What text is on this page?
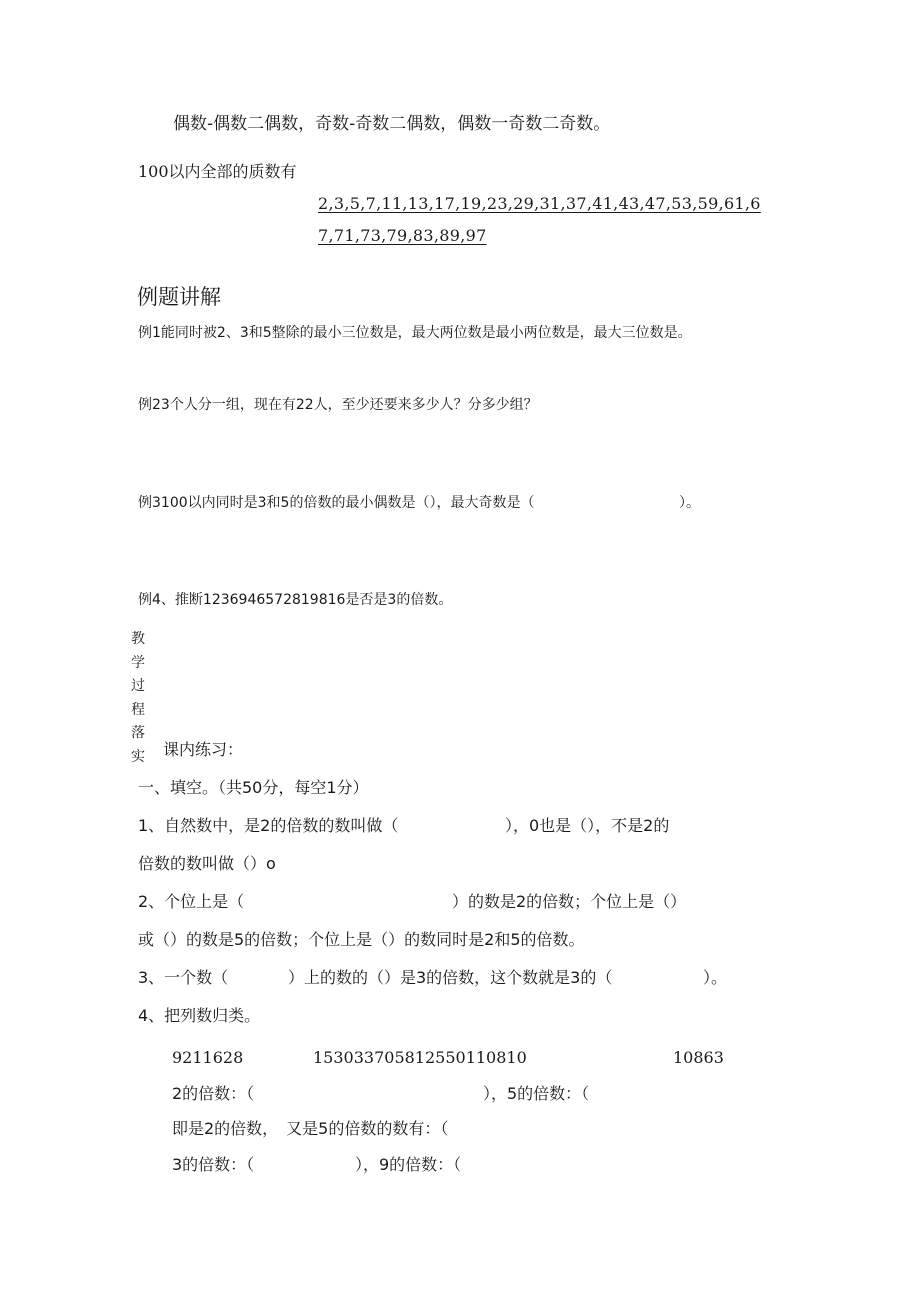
偶数-偶数二偶数，奇数-奇数二偶数，偶数一奇数二奇数。
100以内全部的质数有
2,3,5,7,11,13,17,19,23,29,31,37,41,43,47,53,59,61,6
7,71,73,79,83,89,97
例题讲解
例1能同时被2、3和5整除的最小三位数是，最大两位数是最小两位数是，最大三位数是。
例23个人分一组，现在有22人，至少还要来多少人？分多少组？
例3100以内同时是3和5的倍数的最小偶数是（），最大奇数是（	）。
例4、推断1236946572819816是否是3的倍数。
教
学
过
程
落
实 课内练习：
一、填空。（共50分，每空1分）
1、自然数中，是2的倍数的数叫做（	），0也是（），不是2的
倍数的数叫做（）o
2、个位上是（	）的数是2的倍数；个位上是（）
或（）的数是5的倍数；个位上是（）的数同时是2和5的倍数。
3、一个数（	）上的数的（）是3的倍数，这个数就是3的（	）。
4、把列数归类。
9211628	15303370581255011081​0	10863
2的倍数：（	），5的倍数：（
即是2的倍数，　又是5的倍数的数有：（
3的倍数：（	），9的倍数：（
